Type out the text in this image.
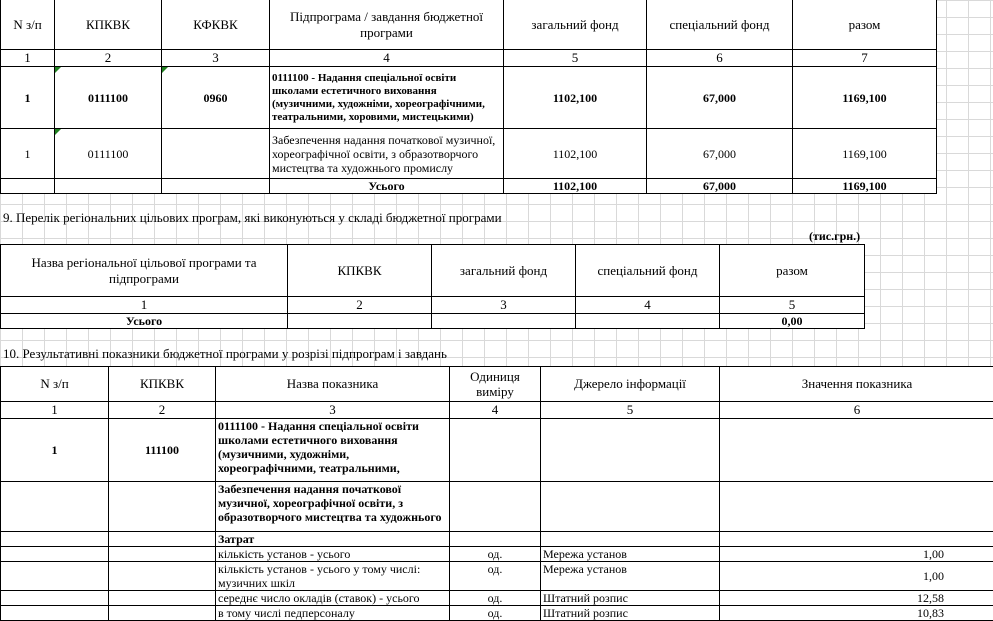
N з/п	КПКВК	КФКВК	Підпрограма / завдання бюджетної програми	загальний фонд	спеціальний фонд	разом
1	2	3	4	5	6	7
1	0111100	0960	0111100 - Надання спеціальної освіти школами естетичного виховання (музичними, художніми, хореографічними, театральними, хоровими, мистецькими)	1102,100	67,000	1169,100
1	0111100		Забезпечення надання початкової музичної, хореографічної освіти, з образотворчого мистецтва та художнього промислу	1102,100	67,000	1169,100
			Усього	1102,100	67,000	1169,100
9. Перелік регіональних цільових програм, які виконуються у складі бюджетної програми
(тис.грн.)
Назва регіональної цільової програми та підпрограми	КПКВК	загальний фонд	спеціальний фонд	разом
1	2	3	4	5
Усього				0,00
10. Результативні показники бюджетної програми у розрізі підпрограм і завдань
N з/п	КПКВК	Назва показника	Одиниця виміру	Джерело інформації	Значення показника
1	2	3	4	5	6
1	111100	0111100 - Надання спеціальної освіти школами естетичного виховання (музичними, художніми, хореографічними, театральними,			
		Забезпечення надання початкової музичної, хореографічної освіти, з образотворчого мистецтва та художнього			
		Затрат			
		кількість установ - усього	од.	Мережа установ	1,00
		кількість установ - усього у тому числі: музичних шкіл	од.	Мережа установ	1,00
		середнє число окладів (ставок) - усього	од.	Штатний розпис	12,58
		в тому числі педперсоналу	од.	Штатний розпис	10,83
